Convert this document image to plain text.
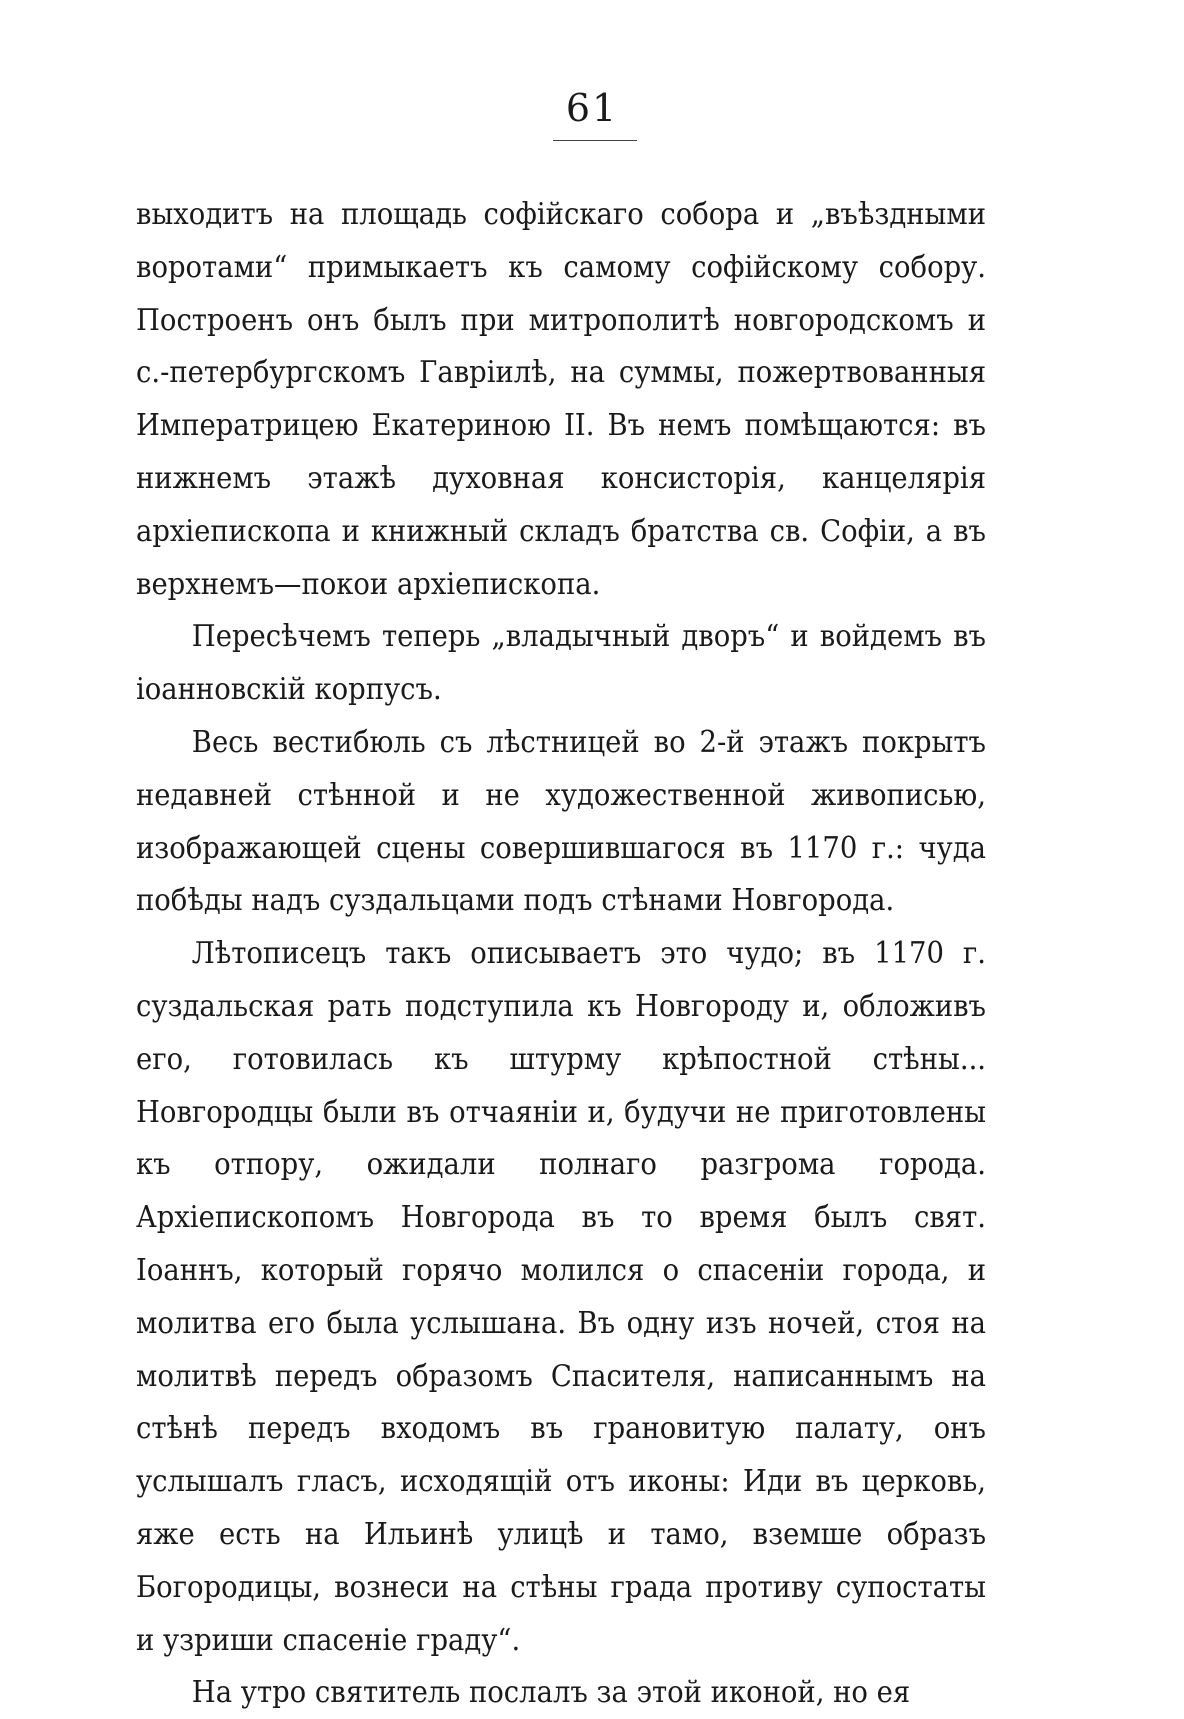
61

выходитъ на площадь софійскаго собора и „въѣздными воротами“ примыкаетъ къ самому софійскому собору. Построенъ онъ былъ при митрополитѣ новгородскомъ и с.-петербургскомъ Гавріилѣ, на суммы, пожертвованныя Императрицею Екатериною II. Въ немъ помѣщаются: въ нижнемъ этажѣ духовная консисторія, канцелярія архіепископа и книжный складъ братства св. Софіи, а въ верхнемъ—покои архіепископа.

Пересѣчемъ теперь „владычный дворъ“ и войдемъ въ іоанновскій корпусъ.

Весь вестибюль съ лѣстницей во 2-й этажъ покрытъ недавней стѣнной и не художественной живописью, изображающей сцены совершившагося въ 1170 г.: чуда побѣды надъ суздальцами подъ стѣнами Новгорода.

Лѣтописецъ такъ описываетъ это чудо; въ 1170 г. суздальская рать подступила къ Новгороду и, обложивъ его, готовилась къ штурму крѣпостной стѣны... Новгородцы были въ отчаяніи и, будучи не приготовлены къ отпору, ожидали полнаго разгрома города. Архіепископомъ Новгорода въ то время былъ свят. Іоаннъ, который горячо молился о спасеніи города, и молитва его была услышана. Въ одну изъ ночей, стоя на молитвѣ передъ образомъ Спасителя, написаннымъ на стѣнѣ передъ входомъ въ грановитую палату, онъ услышалъ гласъ, исходящій отъ иконы: Иди въ церковь, яже есть на Ильинѣ улицѣ и тамо, вземше образъ Богородицы, вознеси на стѣны града противу супостаты и узриши спасеніе граду“.

На утро святитель послалъ за этой иконой, но ея
